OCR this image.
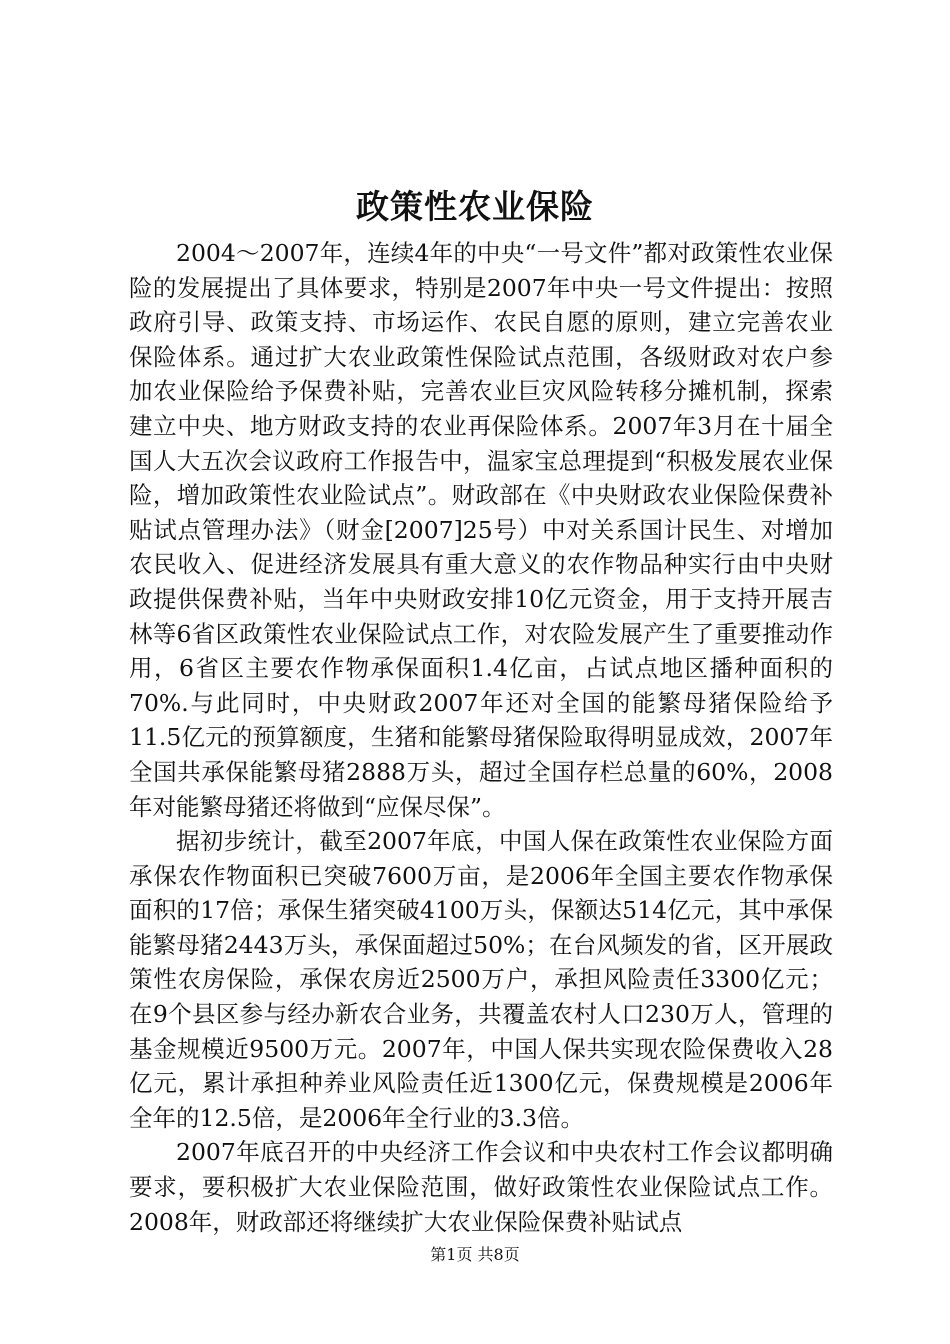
政策性农业保险

2004～2007年，连续4年的中央“一号文件”都对政策性农业保险的发展提出了具体要求，特别是2007年中央一号文件提出：按照政府引导、政策支持、市场运作、农民自愿的原则，建立完善农业保险体系。通过扩大农业政策性保险试点范围，各级财政对农户参加农业保险给予保费补贴，完善农业巨灾风险转移分摊机制，探索建立中央、地方财政支持的农业再保险体系。2007年3月在十届全国人大五次会议政府工作报告中，温家宝总理提到“积极发展农业保险，增加政策性农业险试点”。财政部在《中央财政农业保险保费补贴试点管理办法》（财金[2007]25号）中对关系国计民生、对增加农民收入、促进经济发展具有重大意义的农作物品种实行由中央财政提供保费补贴，当年中央财政安排10亿元资金，用于支持开展吉林等6省区政策性农业保险试点工作，对农险发展产生了重要推动作用，6省区主要农作物承保面积1.4亿亩，占试点地区播种面积的70%.与此同时，中央财政2007年还对全国的能繁母猪保险给予11.5亿元的预算额度，生猪和能繁母猪保险取得明显成效，2007年全国共承保能繁母猪2888万头，超过全国存栏总量的60%，2008年对能繁母猪还将做到“应保尽保”。

据初步统计，截至2007年底，中国人保在政策性农业保险方面承保农作物面积已突破7600万亩，是2006年全国主要农作物承保面积的17倍；承保生猪突破4100万头，保额达514亿元，其中承保能繁母猪2443万头，承保面超过50%；在台风频发的省，区开展政策性农房保险，承保农房近2500万户，承担风险责任3300亿元；在9个县区参与经办新农合业务，共覆盖农村人口230万人，管理的基金规模近9500万元。2007年，中国人保共实现农险保费收入28亿元，累计承担种养业风险责任近1300亿元，保费规模是2006年全年的12.5倍，是2006年全行业的3.3倍。

2007年底召开的中央经济工作会议和中央农村工作会议都明确要求，要积极扩大农业保险范围，做好政策性农业保险试点工作。2008年，财政部还将继续扩大农业保险保费补贴试点

第1页 共8页
